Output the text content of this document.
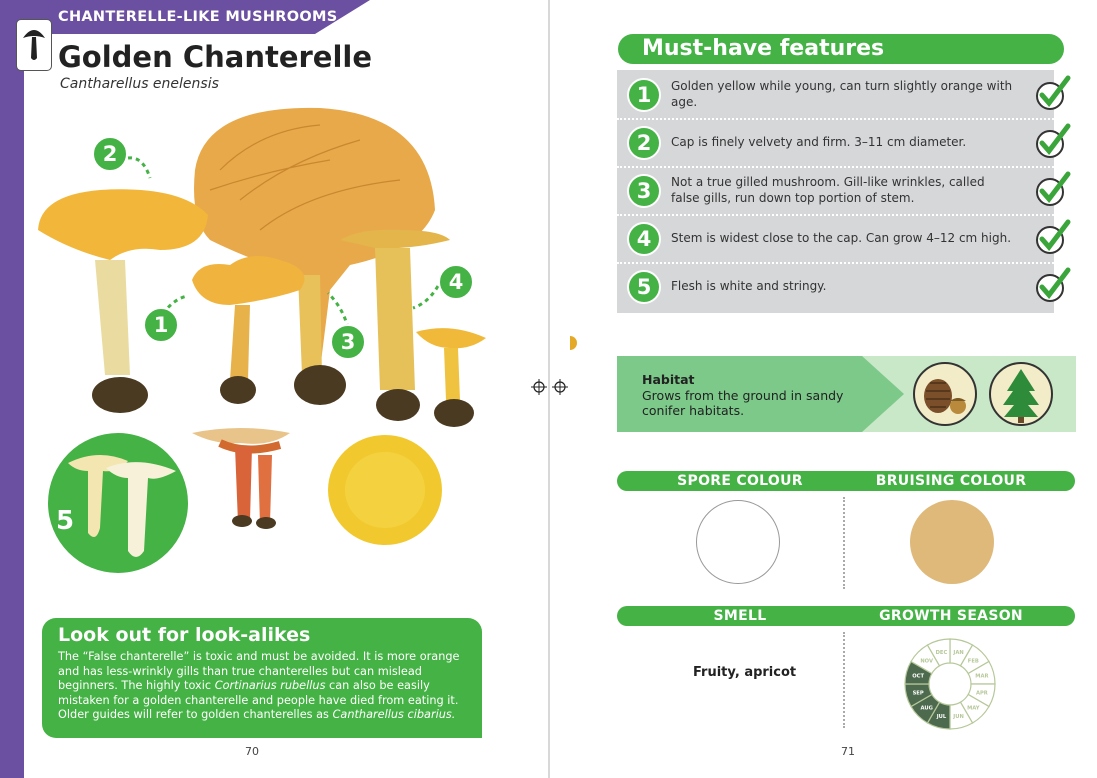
CHANTERELLE-LIKE MUSHROOMS
Golden Chanterelle
Cantharellus enelensis
2
1
3
4
5
Look out for look-alikes
The “False chanterelle” is toxic and must be avoided. It is more orange
and has less-wrinkly gills than true chanterelles but can mislead
beginners. The highly toxic Cortinarius rubellus can also be easily
mistaken for a golden chanterelle and people have died from eating it.
Older guides will refer to golden chanterelles as Cantharellus cibarius.
70
Must-have features
1	Golden yellow while young, can turn slightly orange with age.
2	Cap is finely velvety and firm. 3–11 cm diameter.
3	Not a true gilled mushroom. Gill-like wrinkles, called false gills, run down top portion of stem.
4	Stem is widest close to the cap. Can grow 4–12 cm high.
5	Flesh is white and stringy.
Habitat
Grows from the ground in sandy conifer habitats.
SPORE COLOUR	BRUISING COLOUR
SMELL	GROWTH SEASON
Fruity, apricot
JAN
FEB
MAR
APR
MAY
JUN
JUL
AUG
SEP
OCT
NOV
DEC
71
